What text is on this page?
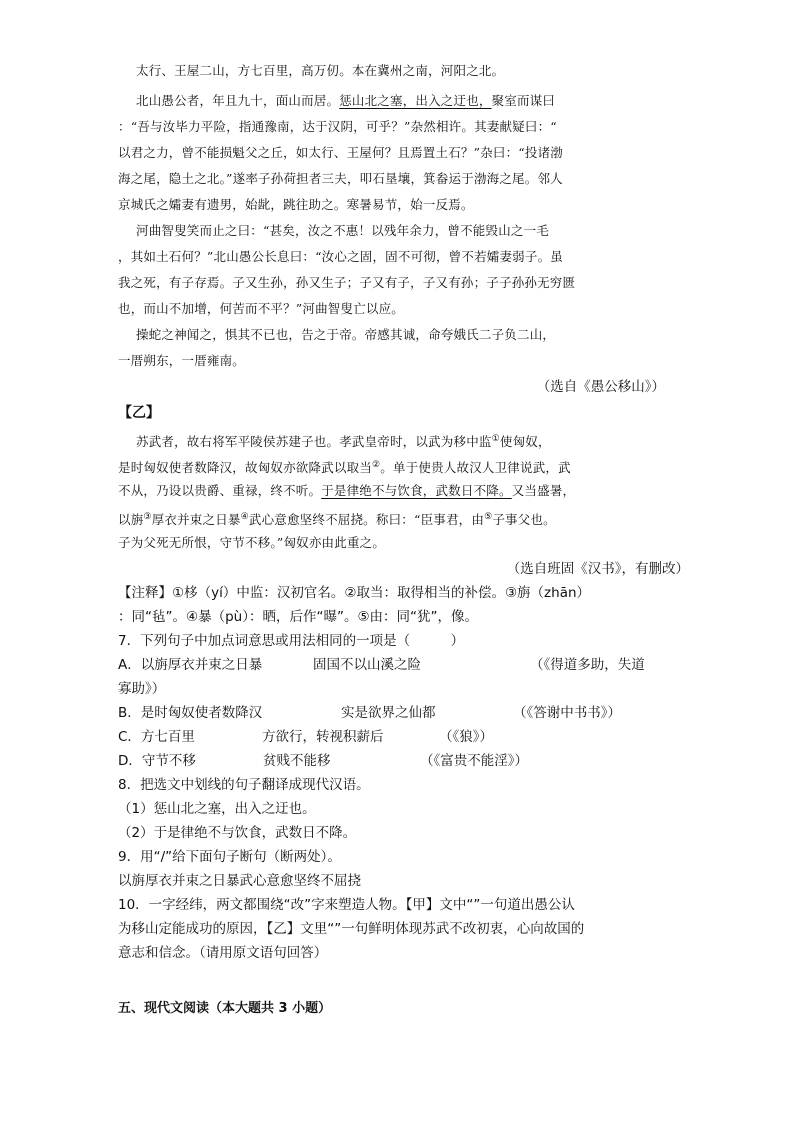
太行、王屋二山，方七百里，高万仞。本在冀州之南，河阳之北。
北山愚公者，年且九十，面山而居。惩山北之塞，出入之迂也，聚室而谋曰
：“吾与汝毕力平险，指通豫南，达于汉阴，可乎？”杂然相许。其妻献疑曰：“
以君之力，曾不能损魁父之丘，如太行、王屋何？且焉置土石？”杂曰：“投诸渤
海之尾，隐土之北。”遂率子孙荷担者三夫，叩石垦壤，箕畚运于渤海之尾。邻人
京城氏之孀妻有遗男，始龀，跳往助之。寒暑易节，始一反焉。
河曲智叟笑而止之曰：“甚矣，汝之不惠！以残年余力，曾不能毁山之一毛
，其如土石何？”北山愚公长息曰：“汝心之固，固不可彻，曾不若孀妻弱子。虽
我之死，有子存焉。子又生孙，孙又生子；子又有子，子又有孙；子子孙孙无穷匮
也，而山不加增，何苦而不平？”河曲智叟亡以应。
操蛇之神闻之，惧其不已也，告之于帝。帝感其诚，命夸娥氏二子负二山，
一厝朔东，一厝雍南。
（选自《愚公移山》）
【乙】
苏武者，故右将军平陵侯苏建子也。孝武皇帝时，以武为移中监①使匈奴，
是时匈奴使者数降汉，故匈奴亦欲降武以取当②。单于使贵人故汉人卫律说武，武
不从，乃设以贵爵、重禄，终不听。于是律绝不与饮食，武数日不降。又当盛暑，
以旃③厚衣并束之日暴④武心意愈坚终不屈挠。称曰：“臣事君，由⑤子事父也。
子为父死无所恨，守节不移。”匈奴亦由此重之。
（选自班固《汉书》，有删改）
【注释】①栘（yí）中监：汉初官名。②取当：取得相当的补偿。③旃（zhān）
：同“毡”。④暴（pù）：晒，后作“曝”。⑤由：同“犹”，像。
7．下列句子中加点词意思或用法相同的一项是（　　　）
A．以旃厚衣并束之日暴	固国不以山溪之险	（《得道多助，失道
寡助》）
B．是时匈奴使者数降汉	实是欲界之仙都	（《答谢中书书》）
C．方七百里	方欲行，转视积薪后	（《狼》）
D．守节不移	贫贱不能移	（《富贵不能淫》）
8．把选文中划线的句子翻译成现代汉语。
（1）惩山北之塞，出入之迂也。
（2）于是律绝不与饮食，武数日不降。
9．用“/”给下面句子断句（断两处）。
以旃厚衣并束之日暴武心意愈坚终不屈挠
10．一字经纬，两文都围绕“改”字来塑造人物。【甲】文中“”一句道出愚公认
为移山定能成功的原因，【乙】文里“”一句鲜明体现苏武不改初衷，心向故国的
意志和信念。（请用原文语句回答）
五、现代文阅读（本大题共 3 小题）
